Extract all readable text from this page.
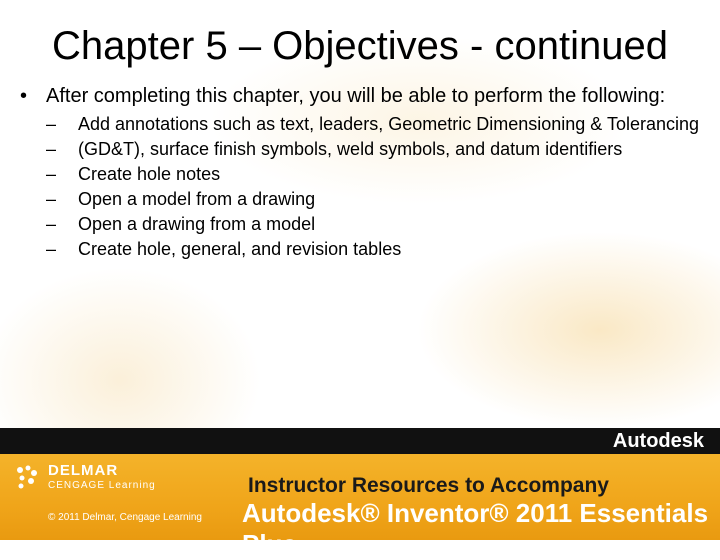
Chapter 5 – Objectives - continued
• After completing this chapter, you will be able to perform the following:
– Add annotations such as text, leaders, Geometric Dimensioning & Tolerancing
– (GD&T), surface finish symbols, weld symbols, and datum identifiers
– Create hole notes
– Open a model from a drawing
– Open a drawing from a model
– Create hole, general, and revision tables
Autodesk
DELMAR
CENGAGE Learning
© 2011 Delmar, Cengage Learning
Instructor Resources to Accompany
Autodesk® Inventor® 2011 Essentials Plus
